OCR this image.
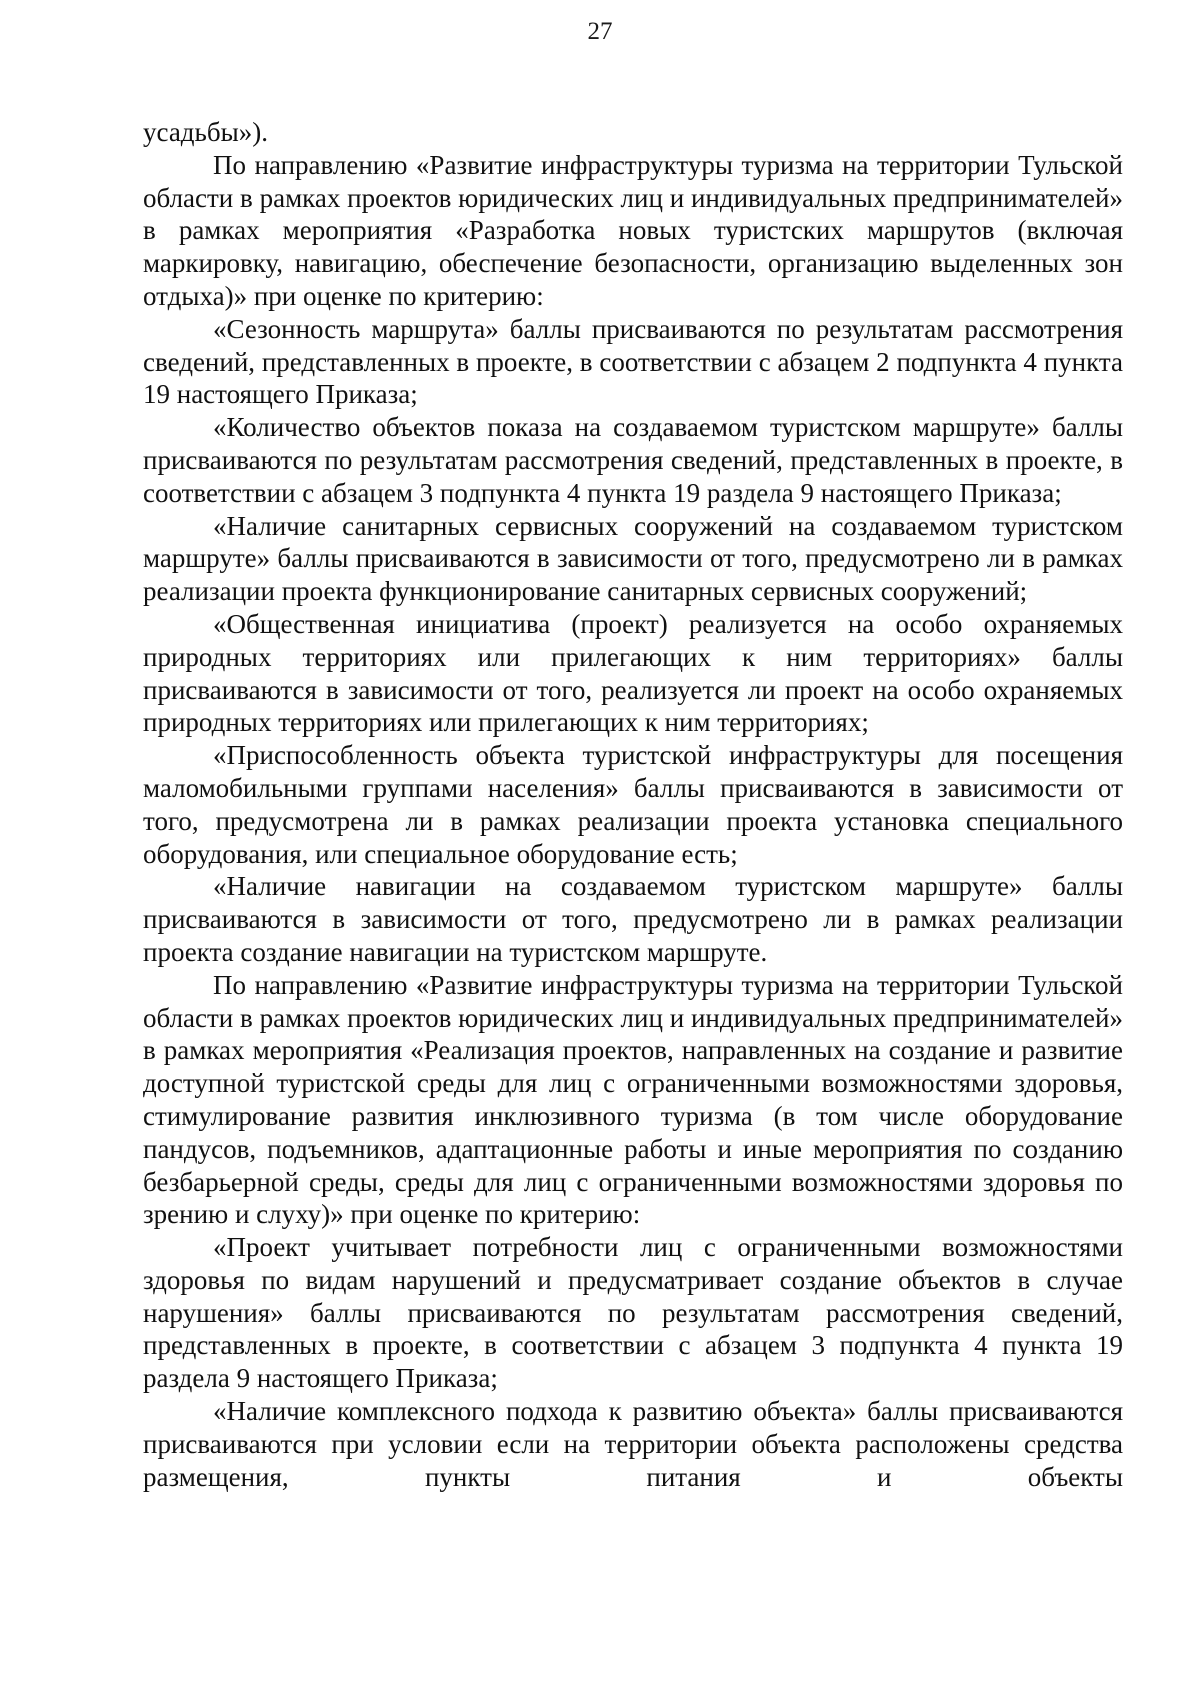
27

усадьбы»).

По направлению «Развитие инфраструктуры туризма на территории Тульской области в рамках проектов юридических лиц и индивидуальных предпринимателей» в рамках мероприятия «Разработка новых туристских маршрутов (включая маркировку, навигацию, обеспечение безопасности, организацию выделенных зон отдыха)» при оценке по критерию:

«Сезонность маршрута» баллы присваиваются по результатам рассмотрения сведений, представленных в проекте, в соответствии с абзацем 2 подпункта 4 пункта 19 настоящего Приказа;

«Количество объектов показа на создаваемом туристском маршруте» баллы присваиваются по результатам рассмотрения сведений, представленных в проекте, в соответствии с абзацем 3 подпункта 4 пункта 19 раздела 9 настоящего Приказа;

«Наличие санитарных сервисных сооружений на создаваемом туристском маршруте» баллы присваиваются в зависимости от того, предусмотрено ли в рамках реализации проекта функционирование санитарных сервисных сооружений;

«Общественная инициатива (проект) реализуется на особо охраняемых природных территориях или прилегающих к ним территориях» баллы присваиваются в зависимости от того, реализуется ли проект на особо охраняемых природных территориях или прилегающих к ним территориях;

«Приспособленность объекта туристской инфраструктуры для посещения маломобильными группами населения» баллы присваиваются в зависимости от того, предусмотрена ли в рамках реализации проекта установка специального оборудования, или специальное оборудование есть;

«Наличие навигации на создаваемом туристском маршруте» баллы присваиваются в зависимости от того, предусмотрено ли в рамках реализации проекта создание навигации на туристском маршруте.

По направлению «Развитие инфраструктуры туризма на территории Тульской области в рамках проектов юридических лиц и индивидуальных предпринимателей» в рамках мероприятия «Реализация проектов, направленных на создание и развитие доступной туристской среды для лиц с ограниченными возможностями здоровья, стимулирование развития инклюзивного туризма (в том числе оборудование пандусов, подъемников, адаптационные работы и иные мероприятия по созданию безбарьерной среды, среды для лиц с ограниченными возможностями здоровья по зрению и слуху)» при оценке по критерию:

«Проект учитывает потребности лиц с ограниченными возможностями здоровья по видам нарушений и предусматривает создание объектов в случае нарушения» баллы присваиваются по результатам рассмотрения сведений, представленных в проекте, в соответствии с абзацем 3 подпункта 4 пункта 19 раздела 9 настоящего Приказа;

«Наличие комплексного подхода к развитию объекта» баллы присваиваются присваиваются при условии если на территории объекта расположены средства размещения, пункты питания и объекты
